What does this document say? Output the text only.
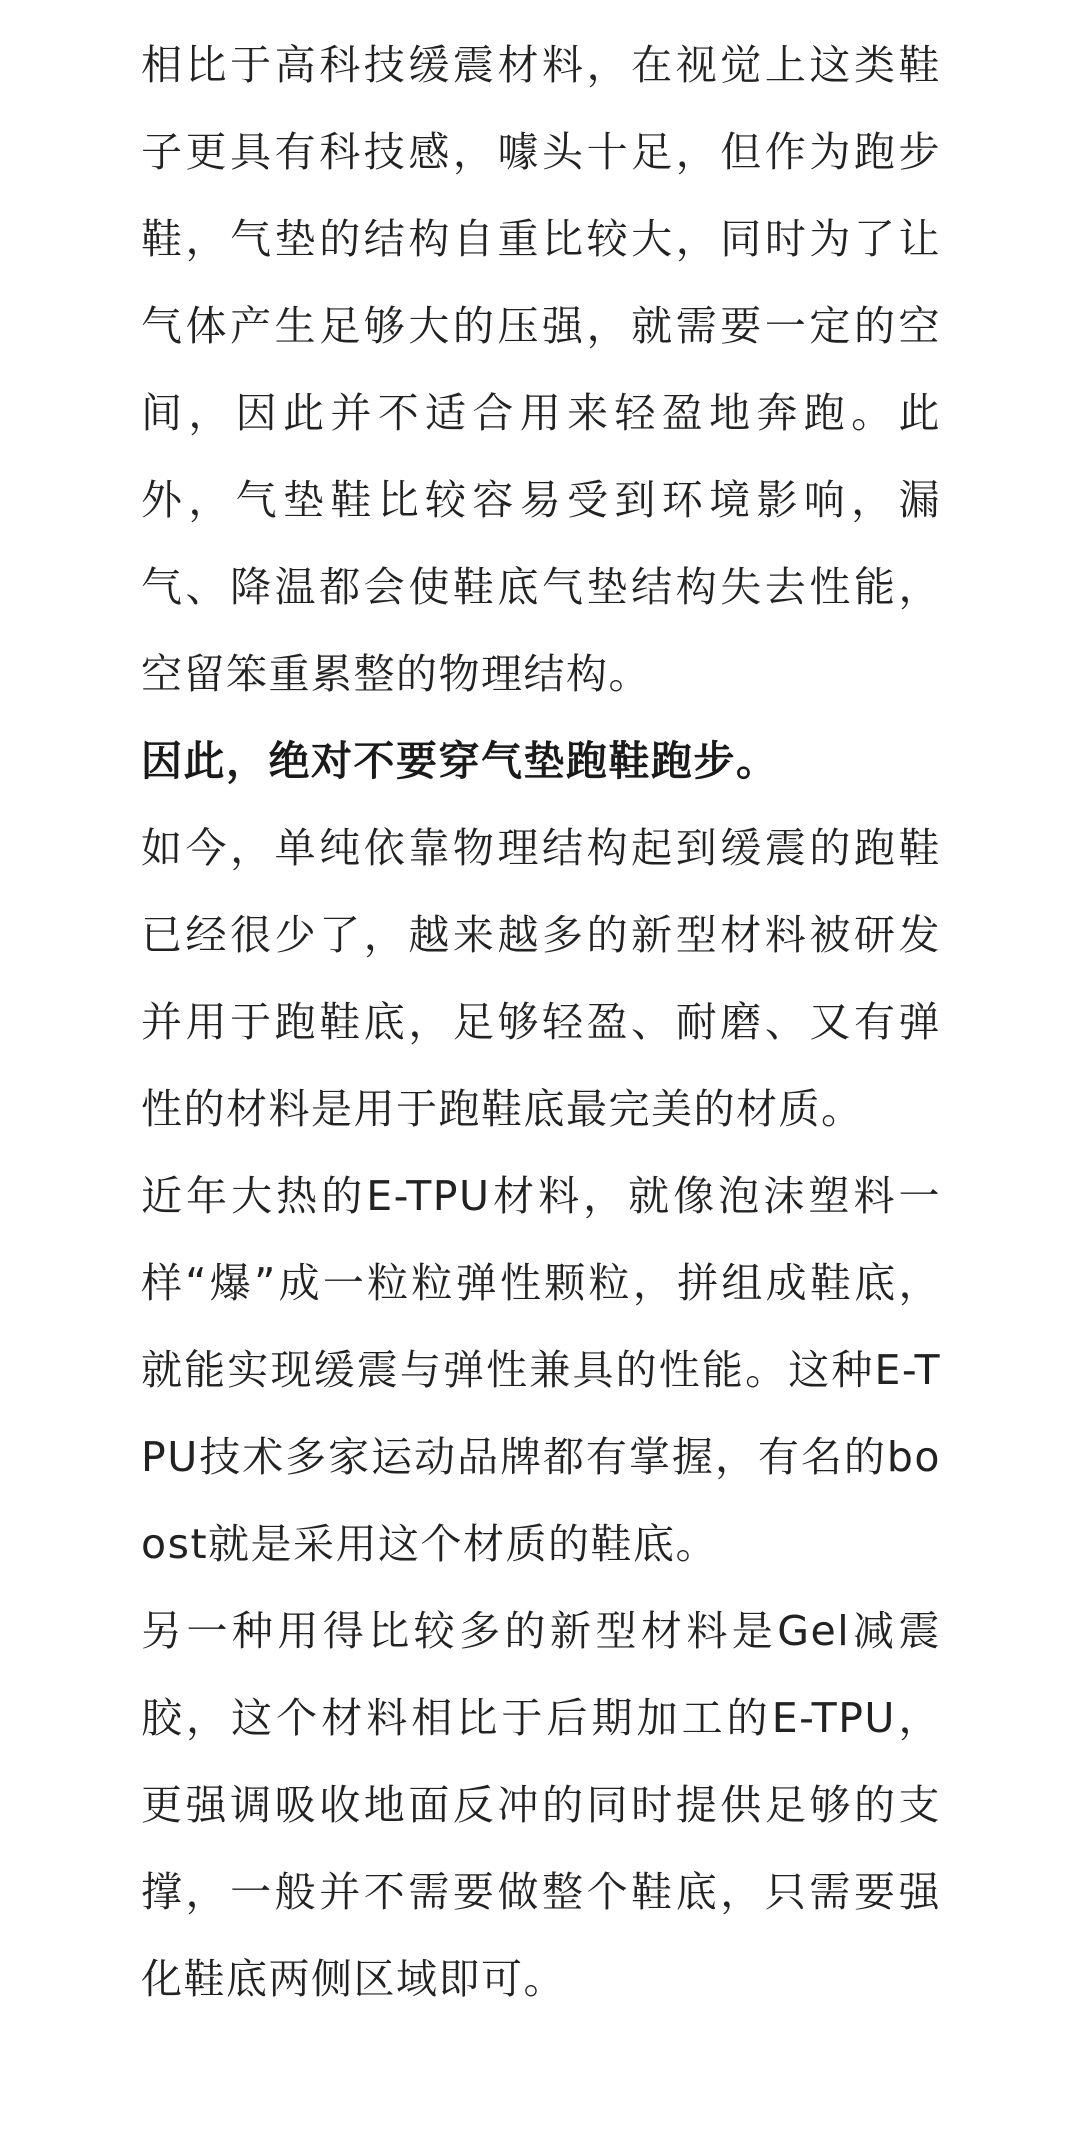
相比于高科技缓震材料，在视觉上这类鞋子更具有科技感，噱头十足，但作为跑步鞋，气垫的结构自重比较大，同时为了让气体产生足够大的压强，就需要一定的空间，因此并不适合用来轻盈地奔跑。此外，气垫鞋比较容易受到环境影响，漏气、降温都会使鞋底气垫结构失去性能，空留笨重累整的物理结构。

因此，绝对不要穿气垫跑鞋跑步。

如今，单纯依靠物理结构起到缓震的跑鞋已经很少了，越来越多的新型材料被研发并用于跑鞋底，足够轻盈、耐磨、又有弹性的材料是用于跑鞋底最完美的材质。

近年大热的E-TPU材料，就像泡沫塑料一样“爆”成一粒粒弹性颗粒，拼组成鞋底，就能实现缓震与弹性兼具的性能。这种E-TPU技术多家运动品牌都有掌握，有名的boost就是采用这个材质的鞋底。

另一种用得比较多的新型材料是Gel减震胶，这个材料相比于后期加工的E-TPU，更强调吸收地面反冲的同时提供足够的支撑，一般并不需要做整个鞋底，只需要强化鞋底两侧区域即可。
